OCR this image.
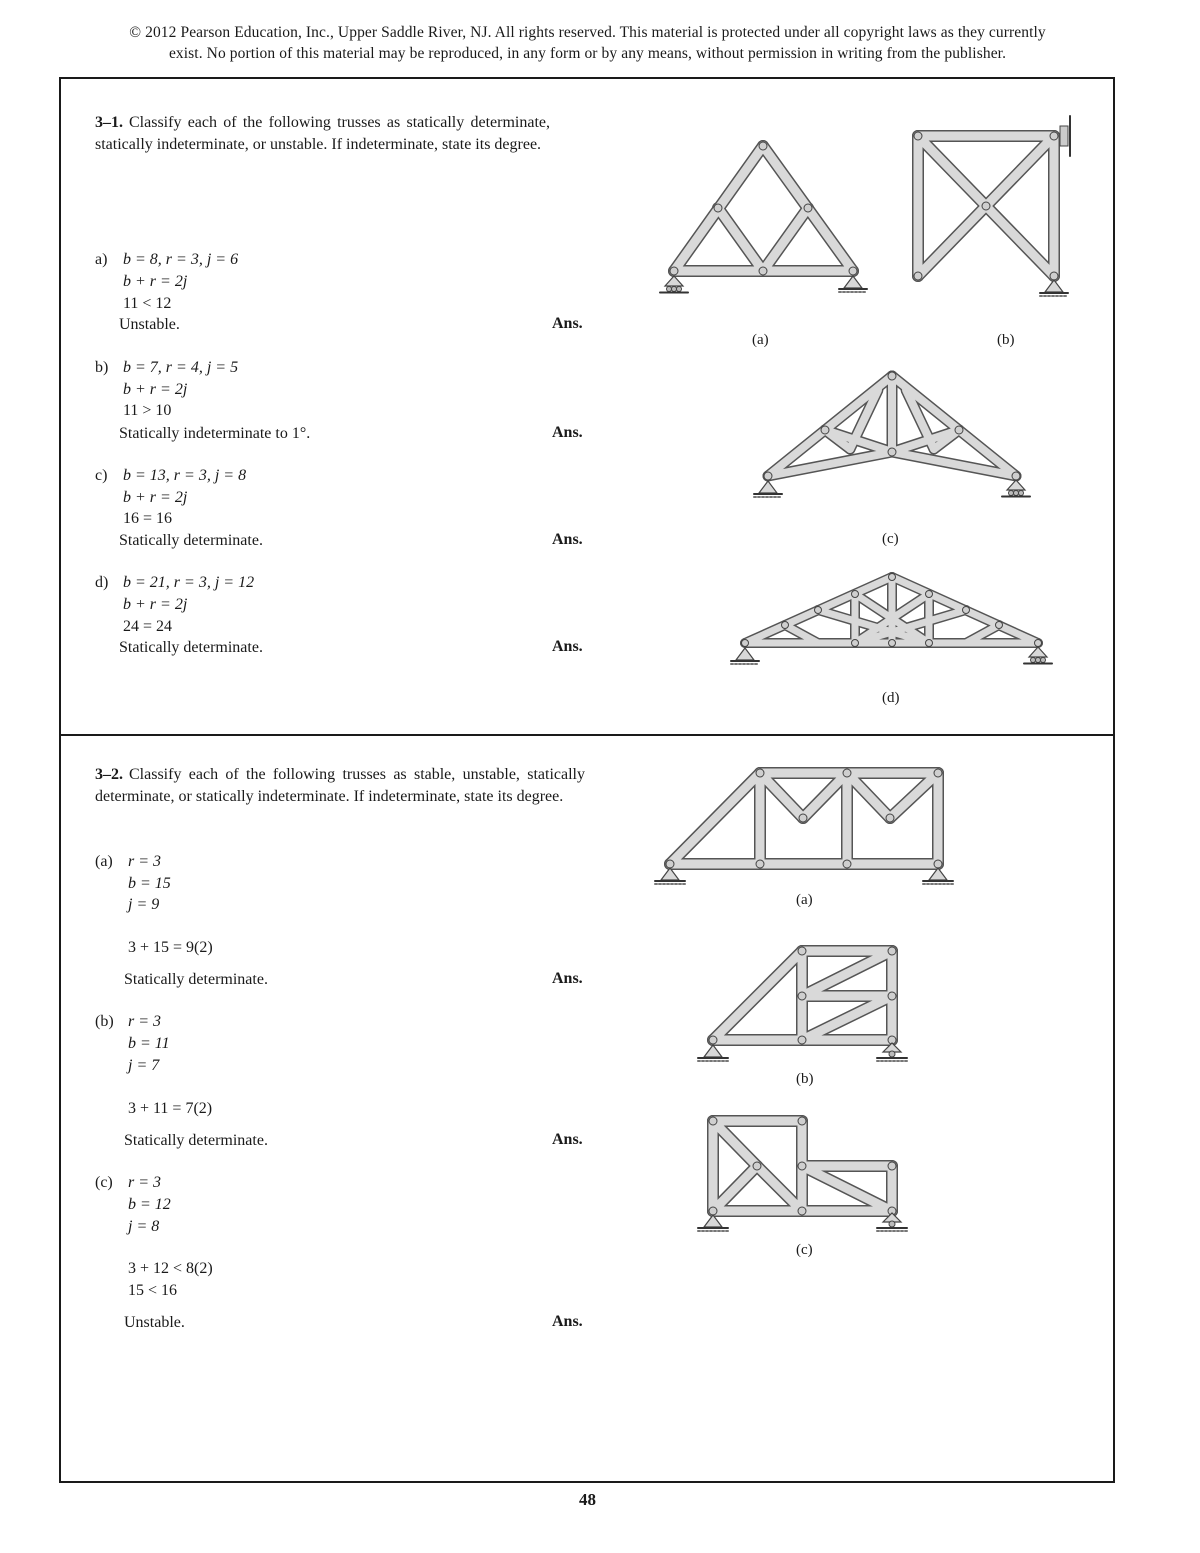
© 2012 Pearson Education, Inc., Upper Saddle River, NJ. All rights reserved. This material is protected under all copyright laws as they currently
exist. No portion of this material may be reproduced, in any form or by any means, without permission in writing from the publisher.
3–1. Classify each of the following trusses as statically determinate, statically indeterminate, or unstable. If indeterminate, state its degree.
a) b = 8, r = 3, j = 6
b + r = 2j
11 < 12
Unstable.	Ans.
b) b = 7, r = 4, j = 5
b + r = 2j
11 > 10
Statically indeterminate to 1°.	Ans.
c) b = 13, r = 3, j = 8
b + r = 2j
16 = 16
Statically determinate.	Ans.
d) b = 21, r = 3, j = 12
b + r = 2j
24 = 24
Statically determinate.	Ans.
(a)	(b)
(c)
(d)
3–2. Classify each of the following trusses as stable, unstable, statically determinate, or statically indeterminate. If indeterminate, state its degree.
(a) r = 3
b = 15
j = 9
3 + 15 = 9(2)
Statically determinate.	Ans.
(b) r = 3
b = 11
j = 7
3 + 11 = 7(2)
Statically determinate.	Ans.
(c) r = 3
b = 12
j = 8
3 + 12 < 8(2)
15 < 16
Unstable.	Ans.
(a)
(b)
(c)
48
